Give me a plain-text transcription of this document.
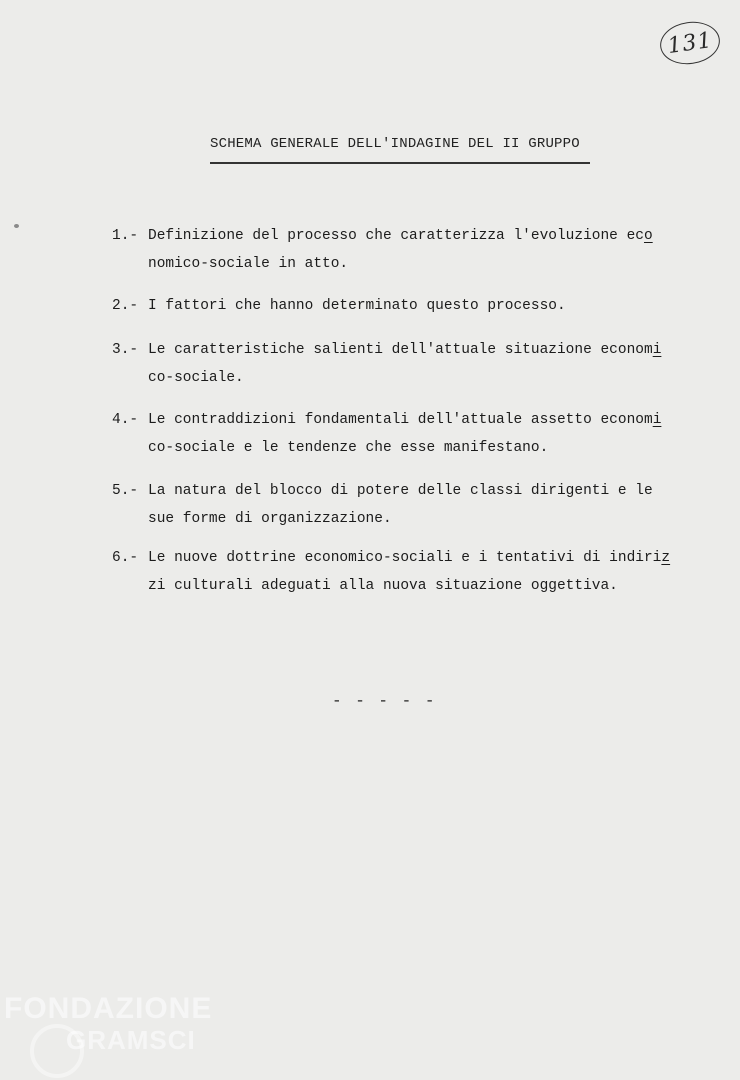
131
SCHEMA GENERALE DELL'INDAGINE DEL II GRUPPO
1.- Definizione del processo che caratterizza l'evoluzione eco
nomico-sociale in atto.
2.- I fattori che hanno determinato questo processo.
3.- Le caratteristiche salienti dell'attuale situazione economi
co-sociale.
4.- Le contraddizioni fondamentali dell'attuale assetto economi
co-sociale e le tendenze che esse manifestano.
5.- La natura del blocco di potere delle classi dirigenti e le
sue forme di organizzazione.
6.- Le nuove dottrine economico-sociali e i tentativi di indiriz
zi culturali adeguati alla nuova situazione oggettiva.
- - - - -
FONDAZIONE
GRAMSCI
